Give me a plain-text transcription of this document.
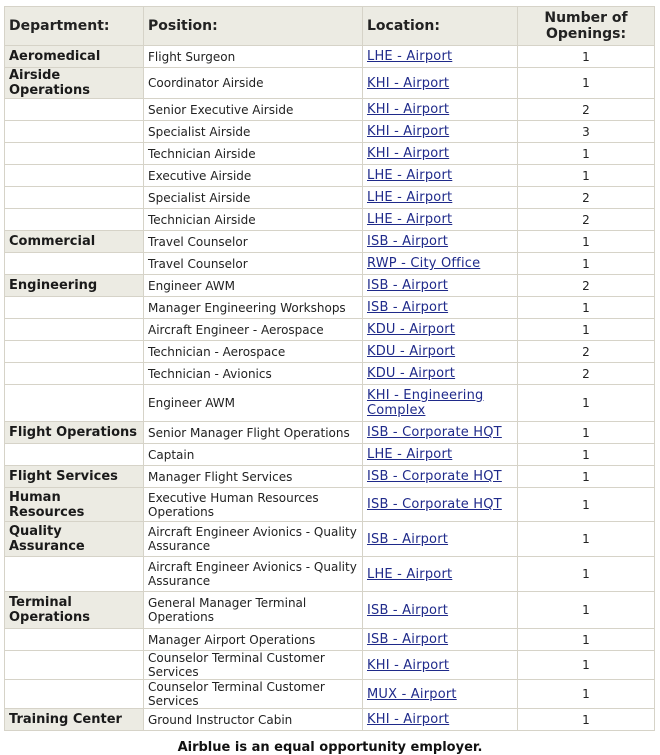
Department:	Position:	Location:	Number of Openings:
Aeromedical	Flight Surgeon	LHE - Airport	1
Airside Operations	Coordinator Airside	KHI - Airport	1
	Senior Executive Airside	KHI - Airport	2
	Specialist Airside	KHI - Airport	3
	Technician Airside	KHI - Airport	1
	Executive Airside	LHE - Airport	1
	Specialist Airside	LHE - Airport	2
	Technician Airside	LHE - Airport	2
Commercial	Travel Counselor	ISB - Airport	1
	Travel Counselor	RWP - City Office	1
Engineering	Engineer AWM	ISB - Airport	2
	Manager Engineering Workshops	ISB - Airport	1
	Aircraft Engineer - Aerospace	KDU - Airport	1
	Technician - Aerospace	KDU - Airport	2
	Technician - Avionics	KDU - Airport	2
	Engineer AWM	KHI - Engineering Complex	1
Flight Operations	Senior Manager Flight Operations	ISB - Corporate HQT	1
	Captain	LHE - Airport	1
Flight Services	Manager Flight Services	ISB - Corporate HQT	1
Human Resources	Executive Human Resources Operations	ISB - Corporate HQT	1
Quality Assurance	Aircraft Engineer Avionics - Quality Assurance	ISB - Airport	1
	Aircraft Engineer Avionics - Quality Assurance	LHE - Airport	1
Terminal Operations	General Manager Terminal Operations	ISB - Airport	1
	Manager Airport Operations	ISB - Airport	1
	Counselor Terminal Customer Services	KHI - Airport	1
	Counselor Terminal Customer Services	MUX - Airport	1
Training Center	Ground Instructor Cabin	KHI - Airport	1
Airblue is an equal opportunity employer.
